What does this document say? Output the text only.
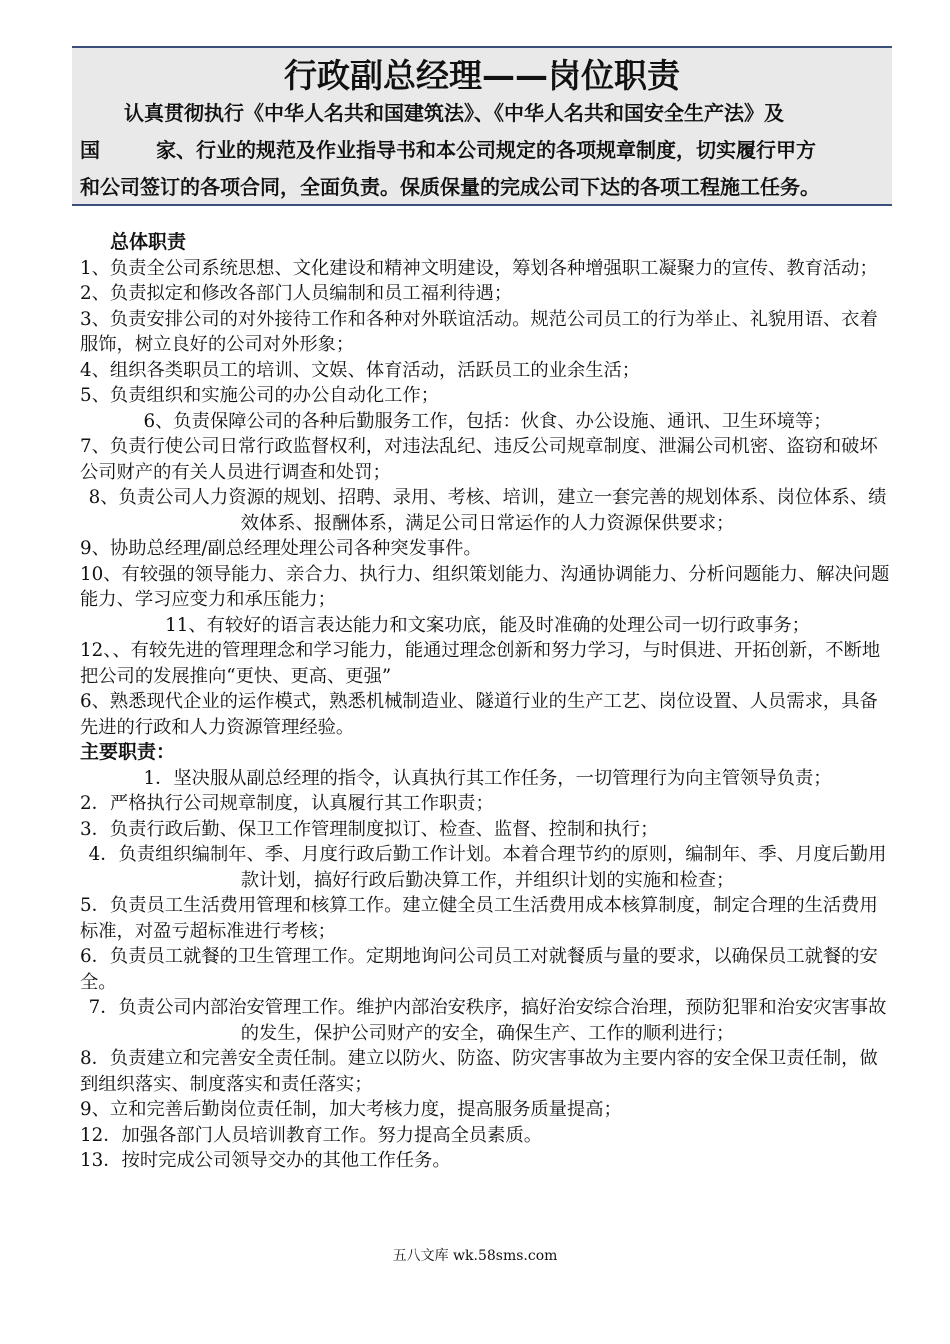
行政副总经理——岗位职责
认真贯彻执行《中华人名共和国建筑法》、《中华人名共和国安全生产法》及
国	家、行业的规范及作业指导书和本公司规定的各项规章制度，切实履行甲方
和公司签订的各项合同，全面负责。保质保量的完成公司下达的各项工程施工任务。
总体职责

1、负责全公司系统思想、文化建设和精神文明建设，筹划各种增强职工凝聚力的宣传、教育活动；

2、负责拟定和修改各部门人员编制和员工福利待遇；

3、负责安排公司的对外接待工作和各种对外联谊活动。规范公司员工的行为举止、礼貌用语、衣着服饰，树立良好的公司对外形象；

4、组织各类职员工的培训、文娱、体育活动，活跃员工的业余生活；

5、负责组织和实施公司的办公自动化工作；

6、负责保障公司的各种后勤服务工作，包括：伙食、办公设施、通讯、卫生环境等；

7、负责行使公司日常行政监督权利，对违法乱纪、违反公司规章制度、泄漏公司机密、盗窃和破坏公司财产的有关人员进行调查和处罚；

8、负责公司人力资源的规划、招聘、录用、考核、培训，建立一套完善的规划体系、岗位体系、绩效体系、报酬体系，满足公司日常运作的人力资源保供要求；

9、协助总经理/副总经理处理公司各种突发事件。

10、有较强的领导能力、亲合力、执行力、组织策划能力、沟通协调能力、分析问题能力、解决问题能力、学习应变力和承压能力；

11、有较好的语言表达能力和文案功底，能及时准确的处理公司一切行政事务；

12、、有较先进的管理理念和学习能力，能通过理念创新和努力学习，与时俱进、开拓创新，不断地把公司的发展推向“更快、更高、更强”

6、熟悉现代企业的运作模式，熟悉机械制造业、隧道行业的生产工艺、岗位设置、人员需求，具备先进的行政和人力资源管理经验。

主要职责：

1．坚决服从副总经理的指令，认真执行其工作任务，一切管理行为向主管领导负责；

2．严格执行公司规章制度，认真履行其工作职责；

3．负责行政后勤、保卫工作管理制度拟订、检查、监督、控制和执行；

4．负责组织编制年、季、月度行政后勤工作计划。本着合理节约的原则，编制年、季、月度后勤用款计划，搞好行政后勤决算工作，并组织计划的实施和检查；

5．负责员工生活费用管理和核算工作。建立健全员工生活费用成本核算制度，制定合理的生活费用标准，对盈亏超标准进行考核；

6．负责员工就餐的卫生管理工作。定期地询问公司员工对就餐质与量的要求，以确保员工就餐的安全。

7．负责公司内部治安管理工作。维护内部治安秩序，搞好治安综合治理，预防犯罪和治安灾害事故的发生，保护公司财产的安全，确保生产、工作的顺利进行；

8．负责建立和完善安全责任制。建立以防火、防盗、防灾害事故为主要内容的安全保卫责任制，做到组织落实、制度落实和责任落实；

9、立和完善后勤岗位责任制，加大考核力度，提高服务质量提高；

12．加强各部门人员培训教育工作。努力提高全员素质。

13．按时完成公司领导交办的其他工作任务。

五八文库 wk.58sms.com
